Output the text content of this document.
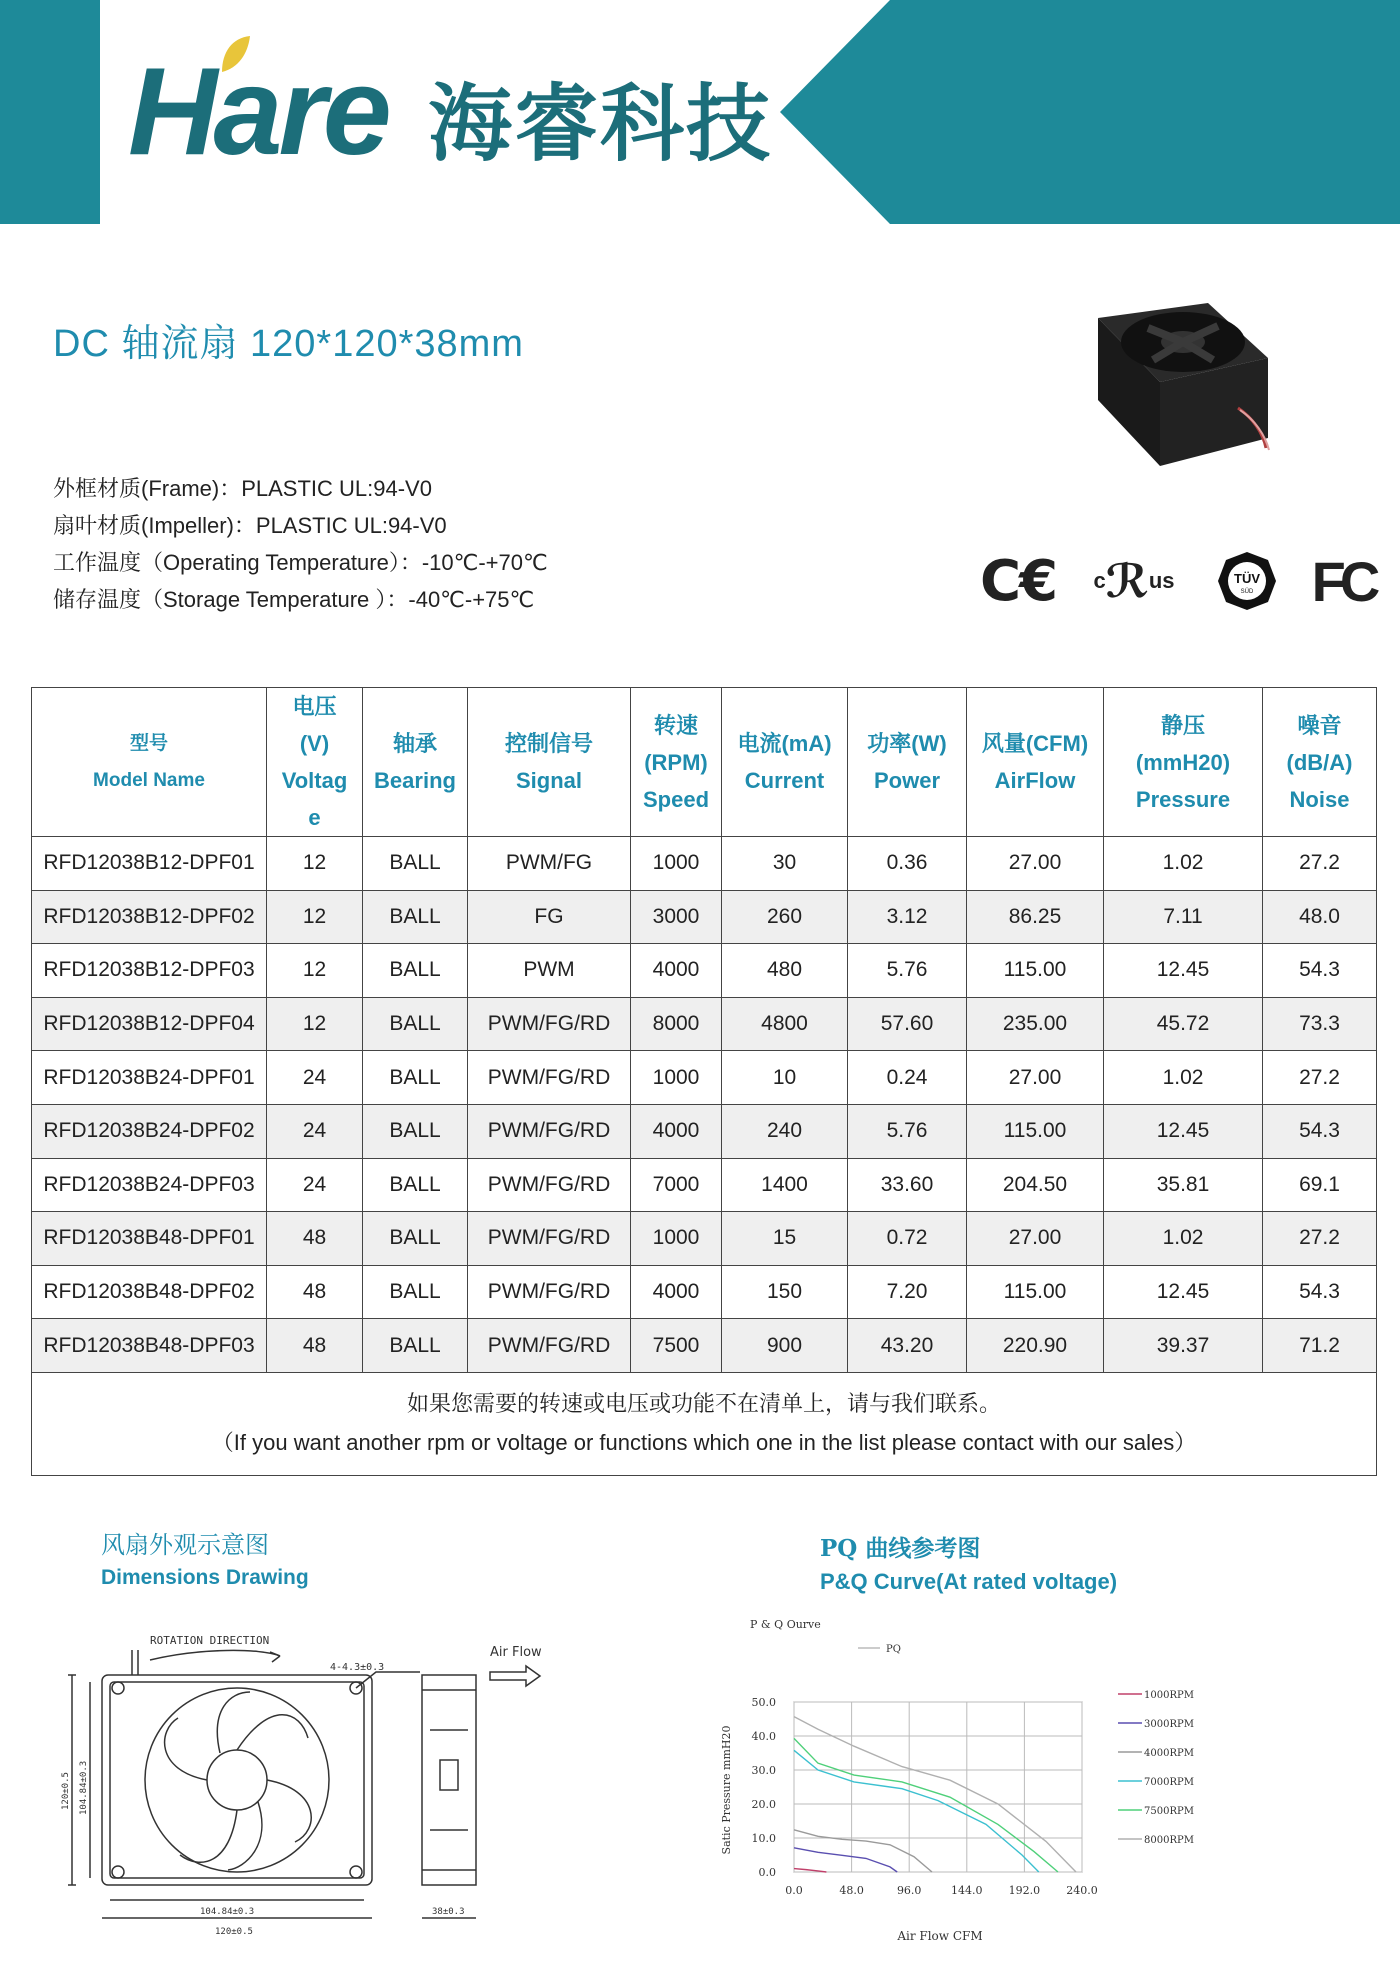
Hare 海睿科技
DC 轴流扇 120*120*38mm
外框材质(Frame)：PLASTIC UL:94-V0
扇叶材质(Impeller)：PLASTIC UL:94-V0
工作温度（Operating Temperature）：-10℃-+70℃
储存温度（Storage Temperature ）：-40℃-+75℃	C€	c ℛ us	TÜV
SÜD FC
型号
Model Name	电压
(V)
Voltag
e	轴承
Bearing	控制信号
Signal	转速
(RPM)
Speed	电流(mA)
Current	功率(W)
Power	风量(CFM)
AirFlow	静压
(mmH20)
Pressure	噪音
(dB/A)
Noise

RFD12038B12-DPF01	12	BALL	PWM/FG	1000	30	0.36	27.00	1.02	27.2
RFD12038B12-DPF02	12	BALL	FG	3000	260	3.12	86.25	7.11	48.0
RFD12038B12-DPF03	12	BALL	PWM	4000	480	5.76	115.00	12.45	54.3
RFD12038B12-DPF04	12	BALL	PWM/FG/RD	8000	4800	57.60	235.00	45.72	73.3
RFD12038B24-DPF01	24	BALL	PWM/FG/RD	1000	10	0.24	27.00	1.02	27.2
RFD12038B24-DPF02	24	BALL	PWM/FG/RD	4000	240	5.76	115.00	12.45	54.3
RFD12038B24-DPF03	24	BALL	PWM/FG/RD	7000	1400	33.60	204.50	35.81	69.1
RFD12038B48-DPF01	48	BALL	PWM/FG/RD	1000	15	0.72	27.00	1.02	27.2
RFD12038B48-DPF02	48	BALL	PWM/FG/RD	4000	150	7.20	115.00	12.45	54.3
RFD12038B48-DPF03	48	BALL	PWM/FG/RD	7500	900	43.20	220.90	39.37	71.2

如果您需要的转速或电压或功能不在清单上，请与我们联系。
（If you want another rpm or voltage or functions which one in the list please contact with our sales）									
风扇外观示意图
Dimensions Drawing
PQ 曲线参考图
P&Q Curve(At rated voltage)
ROTATION DIRECTION
Air Flow
4-4.3±0.3
104.84±0.3
120±0.5
38±0.3
120±0.5 104.84±0.3
0.0	48.0	96.0	144.0 192.0 240.0
0.0
10.0
20.0
30.0
40.0
50.0
P & Q Ourve
PQ
Air Flow CFM
Satic Pressure mmH20
1000RPM
3000RPM
4000RPM
7000RPM
7500RPM
8000RPM
